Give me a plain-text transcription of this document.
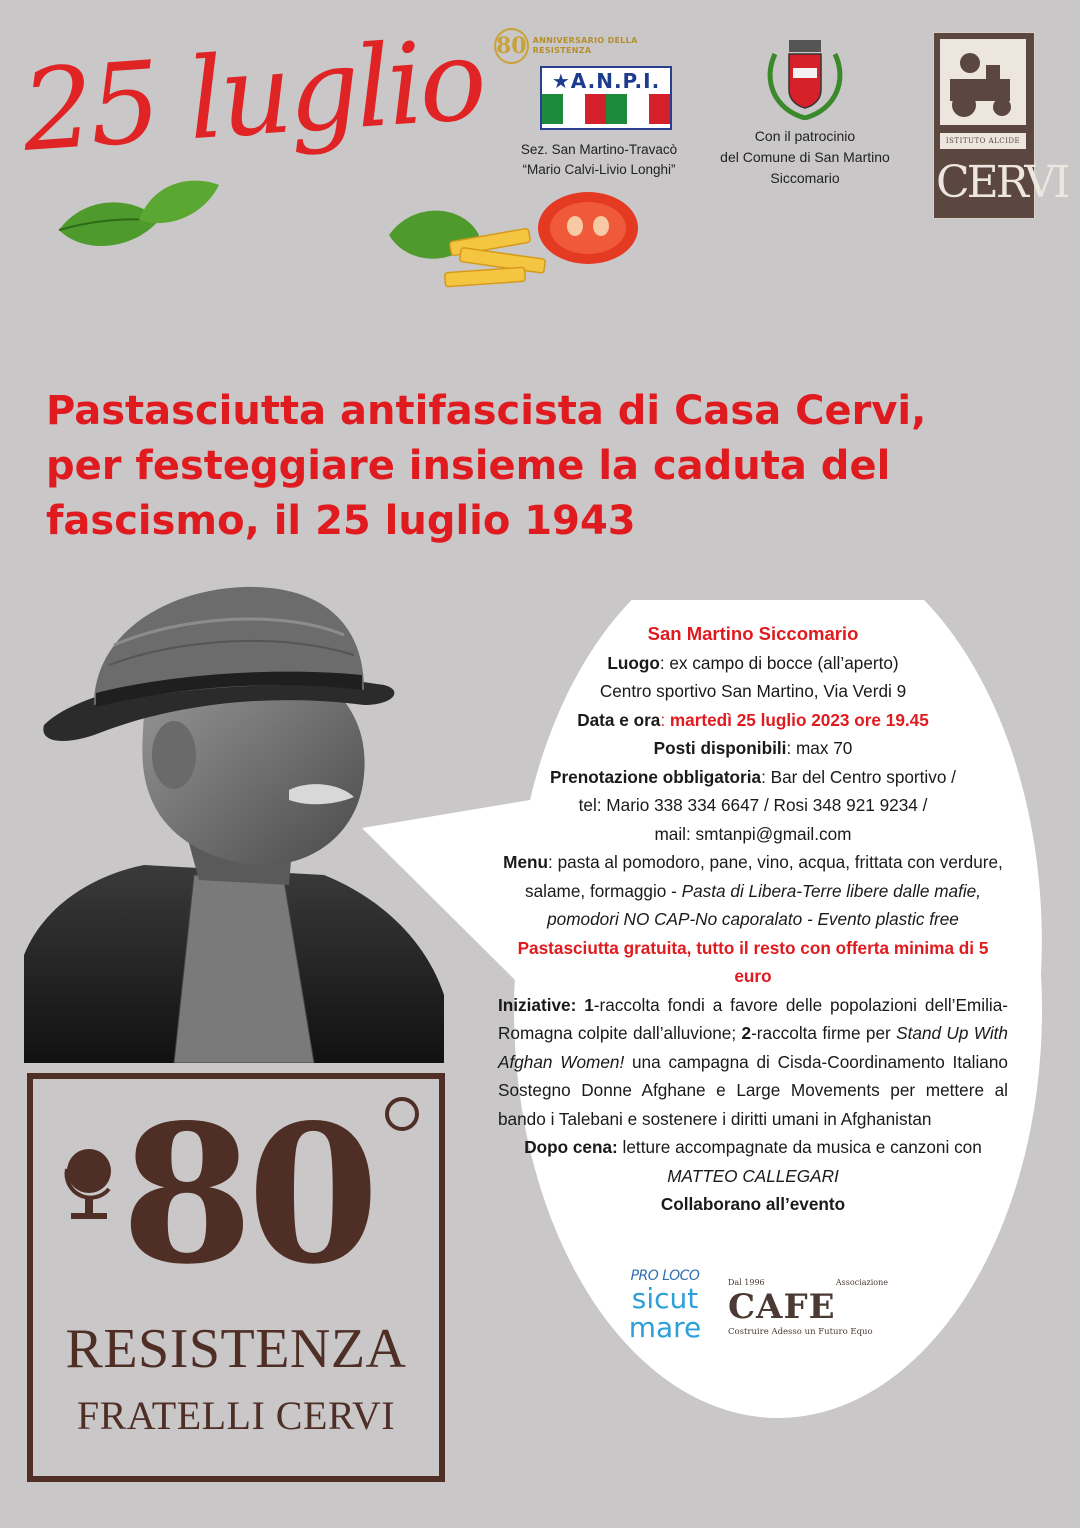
25 luglio 80 ANNIVERSARIO DELLA RESISTENZA
★A.N.P.I.
Sez. San Martino-Travacò
“Mario Calvi-Livio Longhi”
Con il patrocinio
del Comune di San Martino
Siccomario
ISTITUTO ALCIDE
CERVI
Pastasciutta antifascista di Casa Cervi,
per festeggiare insieme la caduta del
fascismo, il 25 luglio 1943
San Martino Siccomario
Luogo: ex campo di bocce (all’aperto)
Centro sportivo San Martino, Via Verdi 9
Data e ora: martedì 25 luglio 2023 ore 19.45
Posti disponibili: max 70
Prenotazione obbligatoria: Bar del Centro sportivo /
tel: Mario 338 334 6647 / Rosi 348 921 9234 /
mail: smtanpi@gmail.com
Menu: pasta al pomodoro, pane, vino, acqua, frittata con verdure, salame, formaggio - Pasta di Libera-Terre libere dalle mafie, pomodori NO CAP-No caporalato - Evento plastic free Pastasciutta gratuita, tutto il resto con offerta minima di 5 euro
Iniziative: 1-raccolta fondi a favore delle popolazioni dell’Emilia-Romagna colpite dall’alluvione; 2-raccolta firme per Stand Up With Afghan Women! una campagna di Cisda-Coordinamento Italiano Sostegno Donne Afghane e Large Movements per mettere al bando i Talebani e sostenere i diritti umani in Afghanistan
Dopo cena: letture accompagnate da musica e canzoni con MATTEO CALLEGARI
Collaborano all’evento
PRO LOCO
sicut
mare
Dal 1996	Associazione
CAFE
Costruire Adesso un Futuro Equo
80
RESISTENZA
FRATELLI CERVI
